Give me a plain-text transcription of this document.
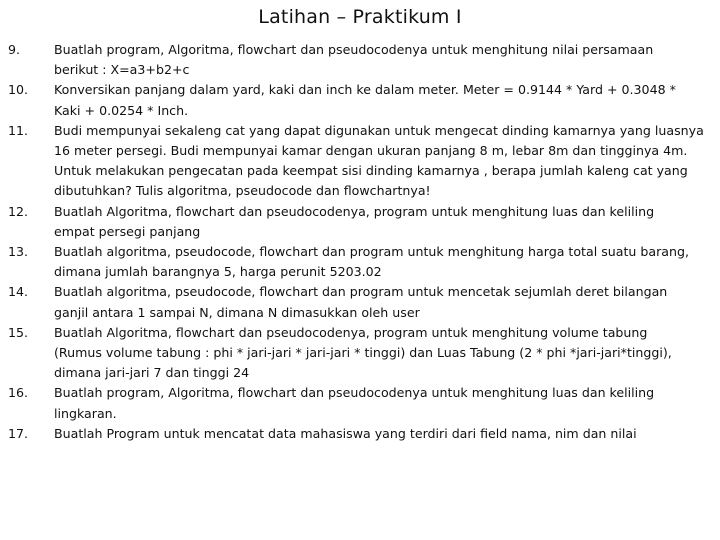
Latihan – Praktikum I
9.	Buatlah program, Algoritma, flowchart dan pseudocodenya untuk menghitung nilai persamaan
berikut : X=a3+b2+c
10.	Konversikan panjang dalam yard, kaki dan inch ke dalam meter. Meter = 0.9144 * Yard + 0.3048 *
Kaki + 0.0254 * Inch.
11.	Budi mempunyai sekaleng cat yang dapat digunakan untuk mengecat dinding kamarnya yang luasnya
16 meter persegi. Budi mempunyai kamar dengan ukuran panjang 8 m, lebar 8m dan tingginya 4m.
Untuk melakukan pengecatan pada keempat sisi dinding kamarnya , berapa jumlah kaleng cat yang
dibutuhkan? Tulis algoritma, pseudocode dan flowchartnya!
12.	Buatlah Algoritma, flowchart dan pseudocodenya, program untuk menghitung luas dan keliling
empat persegi panjang
13.	Buatlah algoritma, pseudocode, flowchart dan program untuk menghitung harga total suatu barang,
dimana jumlah barangnya 5, harga perunit 5203.02
14.	Buatlah algoritma, pseudocode, flowchart dan program untuk mencetak sejumlah deret bilangan
ganjil antara 1 sampai N, dimana N dimasukkan oleh user
15.	Buatlah Algoritma, flowchart dan pseudocodenya, program untuk menghitung volume tabung
(Rumus volume tabung : phi * jari-jari * jari-jari * tinggi) dan Luas Tabung (2 * phi *jari-jari*tinggi),
dimana jari-jari 7 dan tinggi 24
16.	Buatlah program, Algoritma, flowchart dan pseudocodenya untuk menghitung luas dan keliling
lingkaran.
17.	Buatlah Program untuk mencatat data mahasiswa yang terdiri dari field nama, nim dan nilai
